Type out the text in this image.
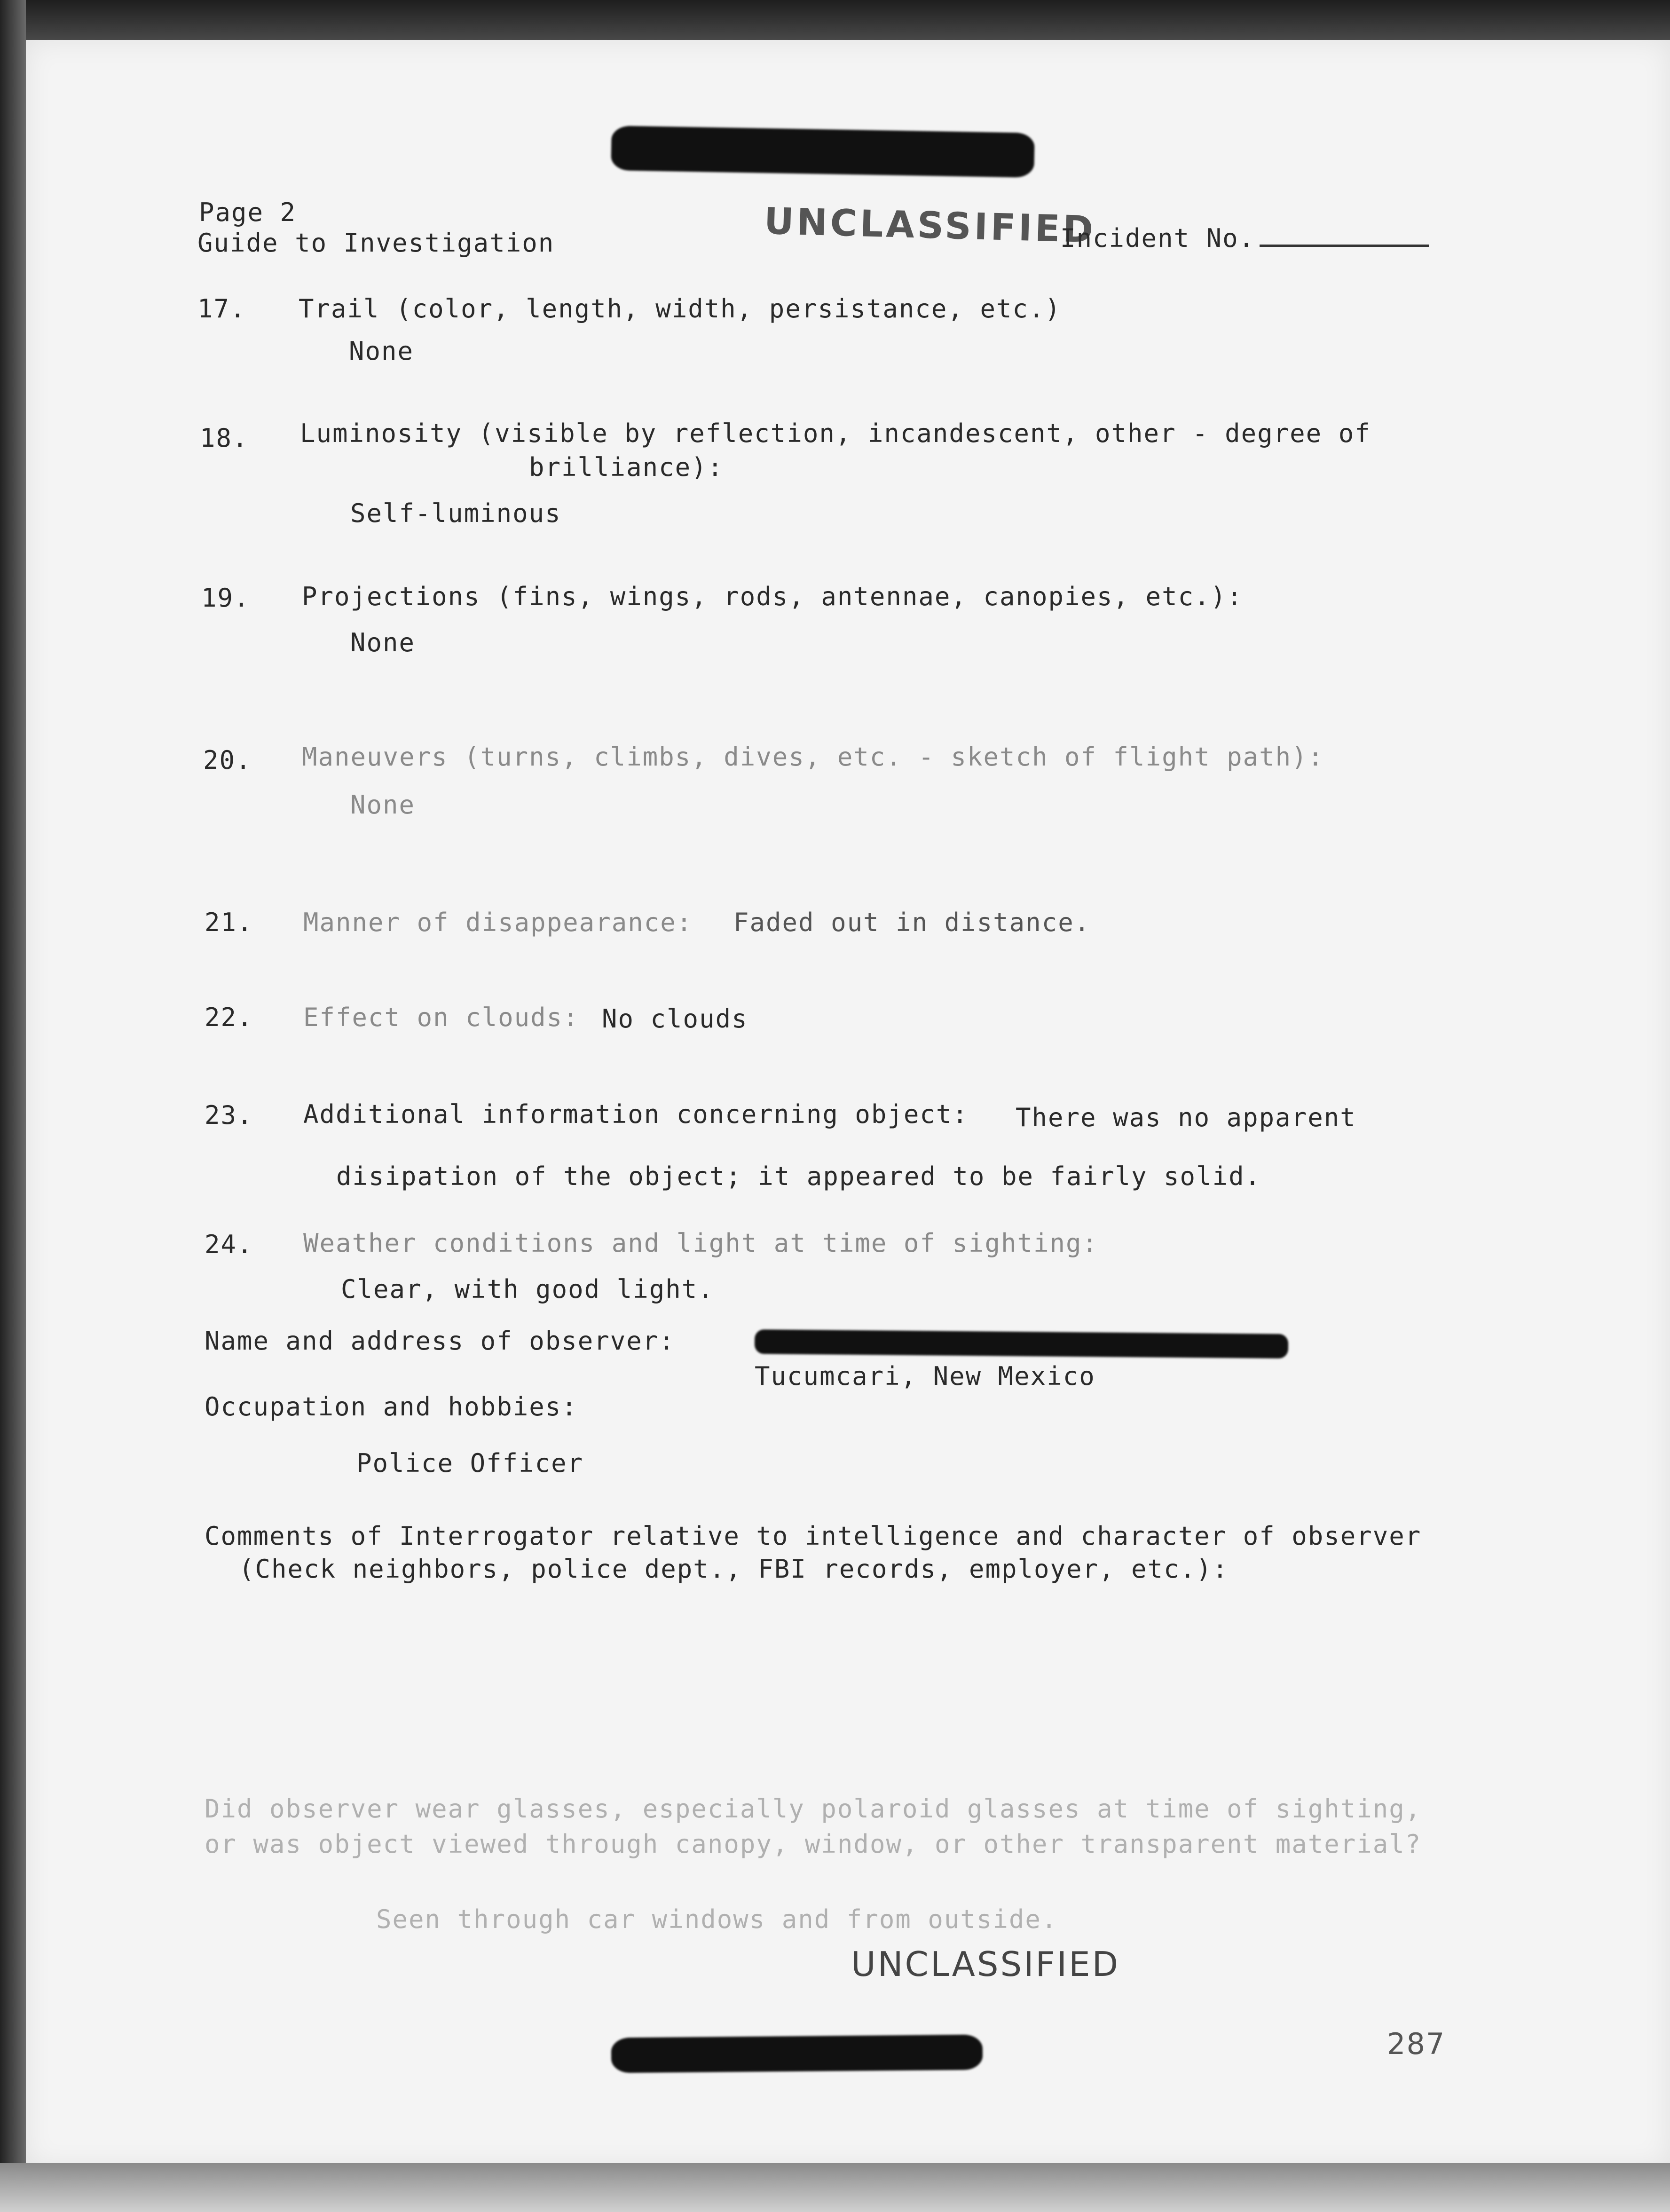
Page 2
Guide to Investigation	UNCLASSIFIED
Incident No.
17. Trail (color, length, width, persistance, etc.)
None
18. Luminosity (visible by reflection, incandescent, other - degree of
brilliance):
Self-luminous
19. Projections (fins, wings, rods, antennae, canopies, etc.):
None
20. Maneuvers (turns, climbs, dives, etc. - sketch of flight path):
None
21. Manner of disappearance: Faded out in distance.
22. Effect on clouds: No clouds
23. Additional information concerning object: There was no apparent
disipation of the object; it appeared to be fairly solid.
24. Weather conditions and light at time of sighting:
Clear, with good light.
Name and address of observer:
Tucumcari, New Mexico
Occupation and hobbies:
Police Officer
Comments of Interrogator relative to intelligence and character of observer
(Check neighbors, police dept., FBI records, employer, etc.):
Did observer wear glasses, especially polaroid glasses at time of sighting,
or was object viewed through canopy, window, or other transparent material?
Seen through car windows and from outside.
UNCLASSIFIED
287
